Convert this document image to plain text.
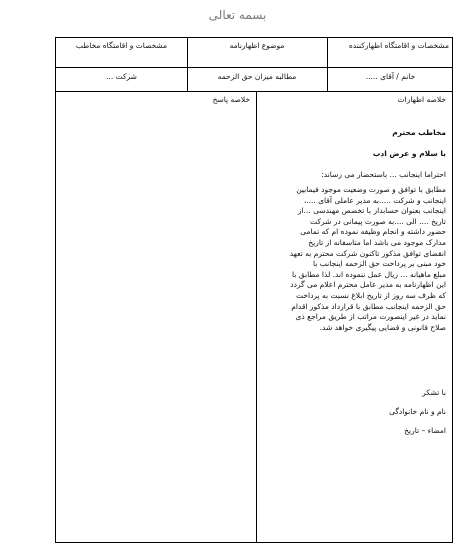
بسمه تعالی
مشخصات و اقامتگاه اظهارکننده
موضوع اظهارنامه
مشخصات و اقامتگاه مخاطب
خانم / آقای .....
مطالبه میزان حق الزحمه
شرکت ...
خلاصه اظهارات
خلاصه پاسخ
مخاطب محترم
با سلام و عرض ادب
احتراما اینجانب ... باستحضار می رساند:
مطابق با توافق و صورت وضعیت موجود فیمابین
اینجانب و شرکت .....به مدیر عاملی آقای ....،
اینجانب بعنوان حسابدار با تخصص مهندسی ...از
تاریخ .... الی ....به صورت پیمانی در شرکت
حضور داشته و انجام وظیفه نموده ام که تمامی
مدارک موجود می باشد اما متاسفانه از تاریخ
انقضای توافق مذکور تاکنون شرکت محترم به تعهد
خود مبنی بر پرداخت حق الزحمه اینجانب با
مبلغ ماهیانه ... ریال عمل ننموده اند. لذا مطابق با
این اظهارنامه به مدیر عامل محترم اعلام می گردد
که ظرف سه روز از تاریخ ابلاغ نسبت به پرداخت
حق الزحمه اینجانب مطابق با قرارداد مذکور اقدام
نماید در غیر اینصورت مراتب از طریق مراجع ذی
صلاح قانونی و قضایی پیگیری خواهد شد.
با تشکر
نام و نام خانوادگی
امضاء – تاریخ
